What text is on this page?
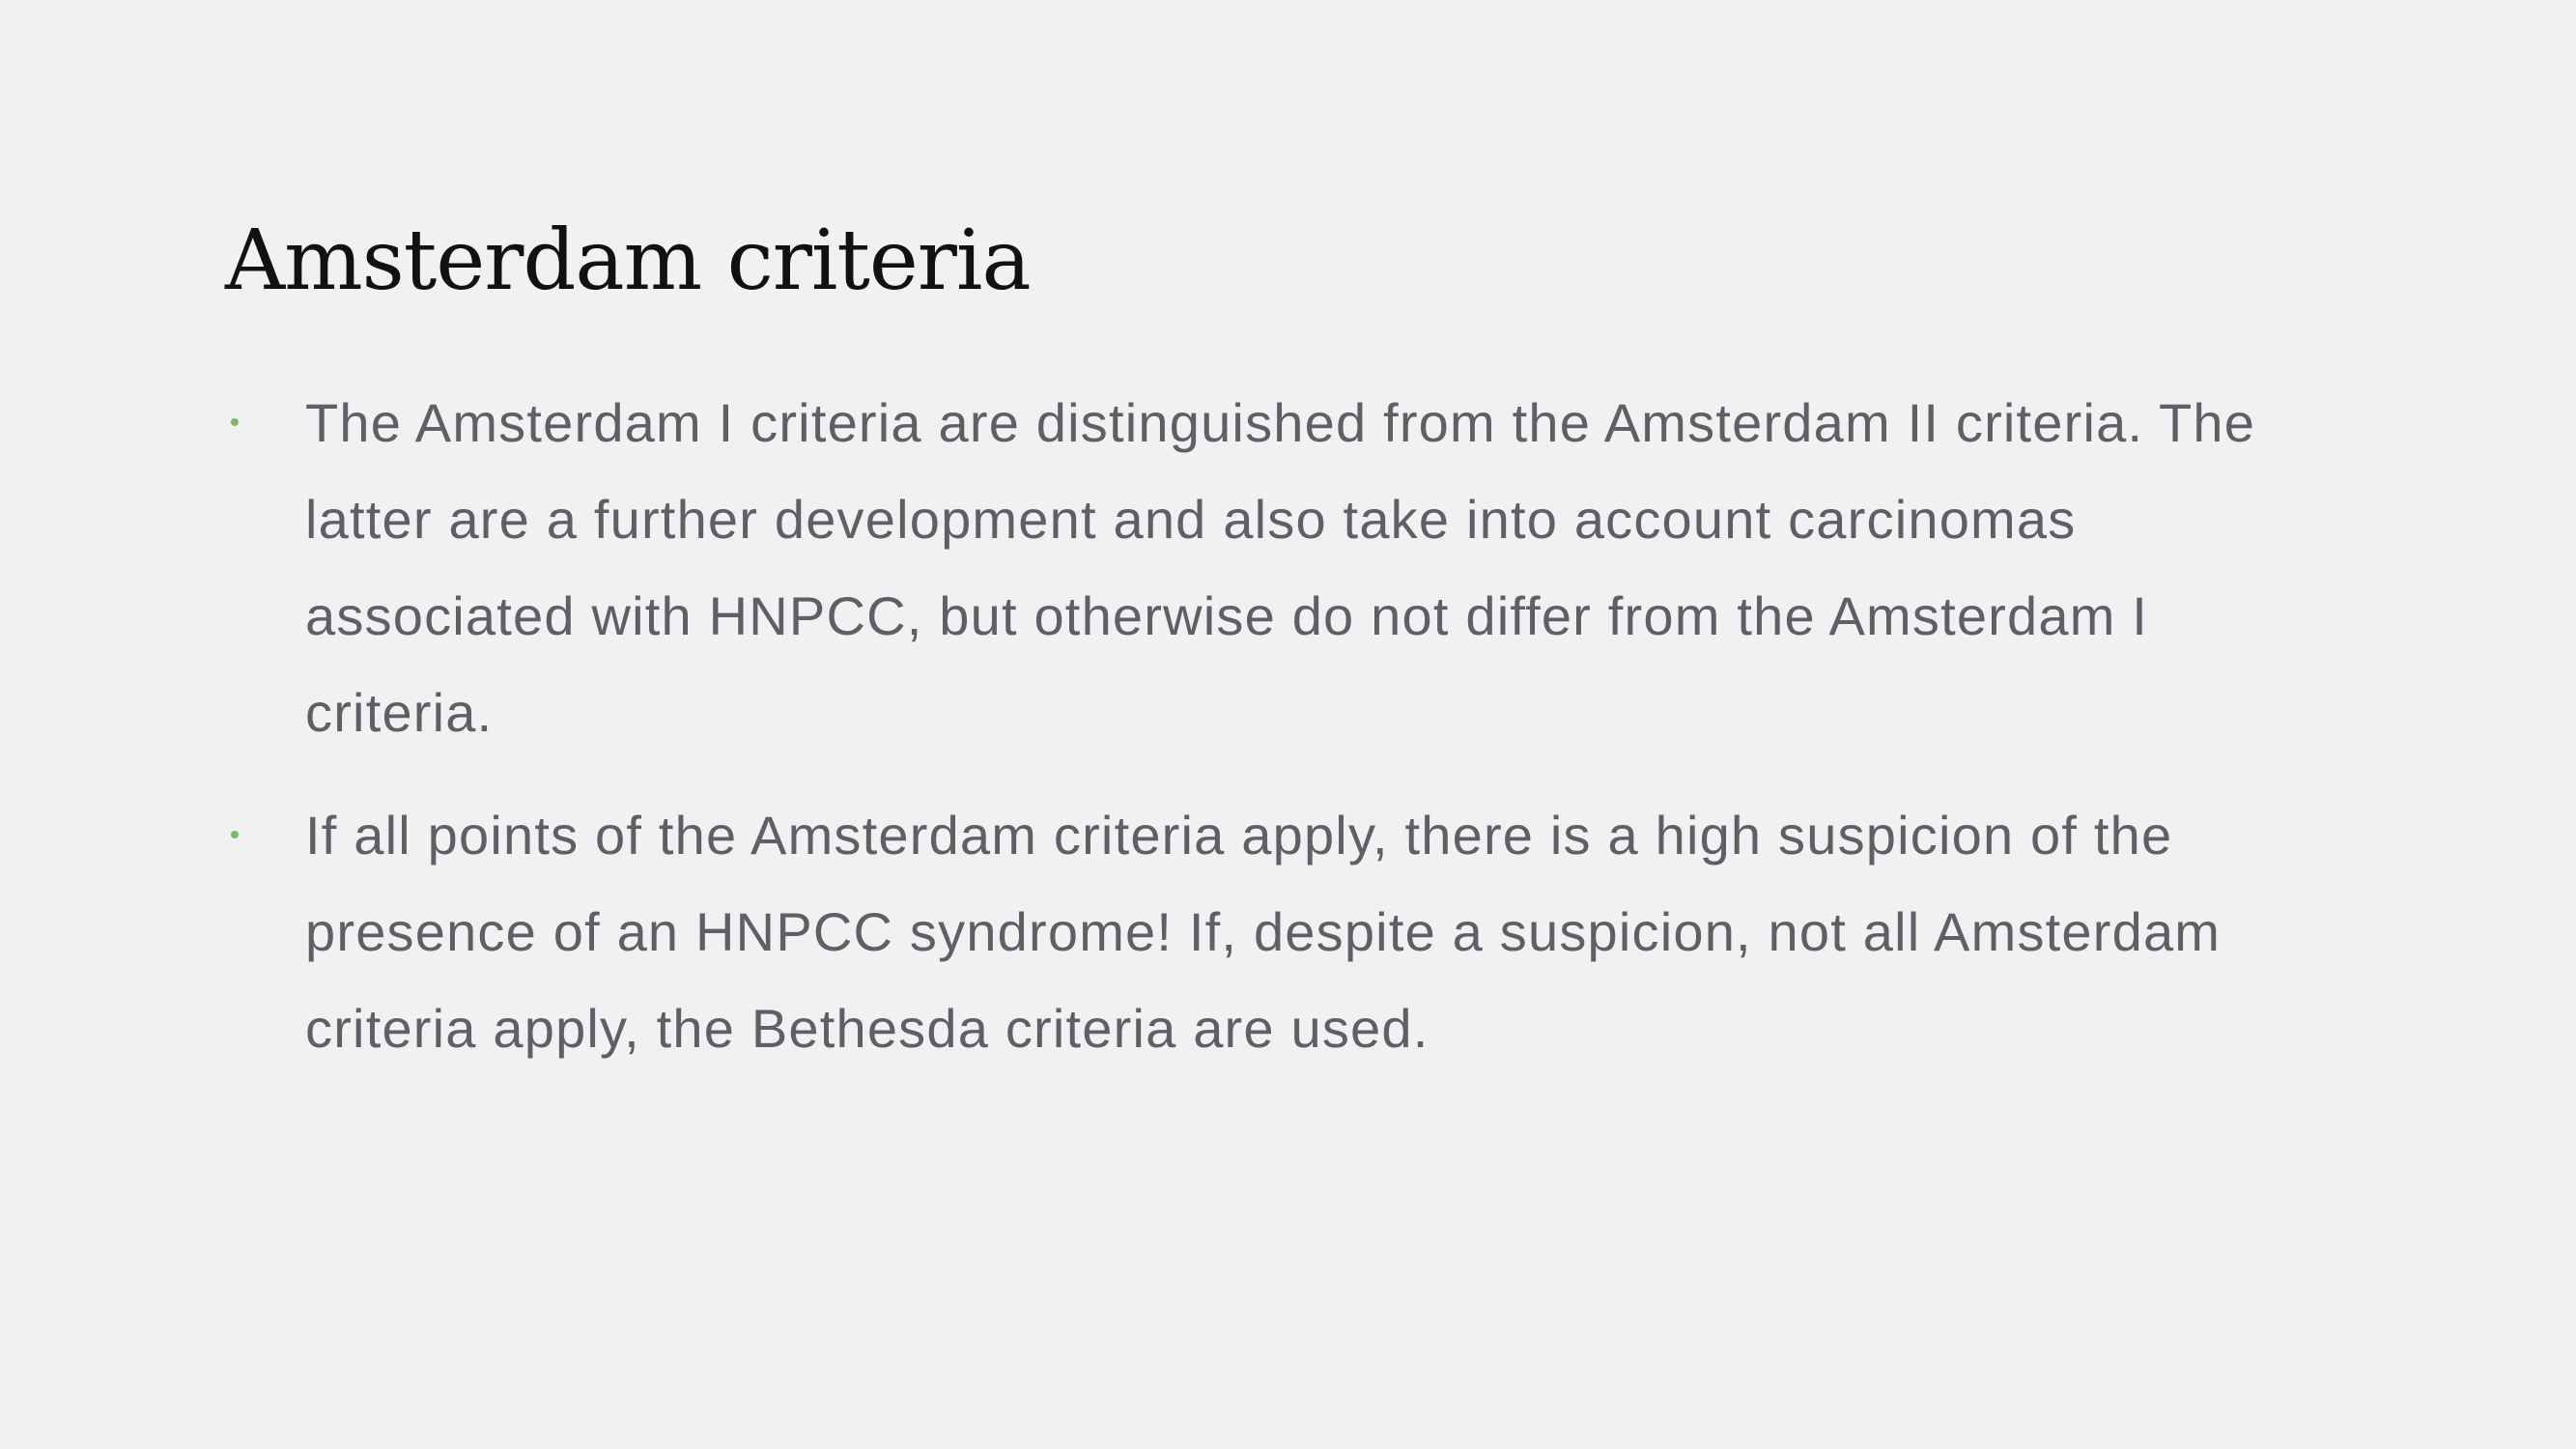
Amsterdam criteria
The Amsterdam I criteria are distinguished from the Amsterdam II criteria. The latter are a further development and also take into account carcinomas associated with HNPCC, but otherwise do not differ from the Amsterdam I criteria.
If all points of the Amsterdam criteria apply, there is a high suspicion of the presence of an HNPCC syndrome! If, despite a suspicion, not all Amsterdam criteria apply, the Bethesda criteria are used.
